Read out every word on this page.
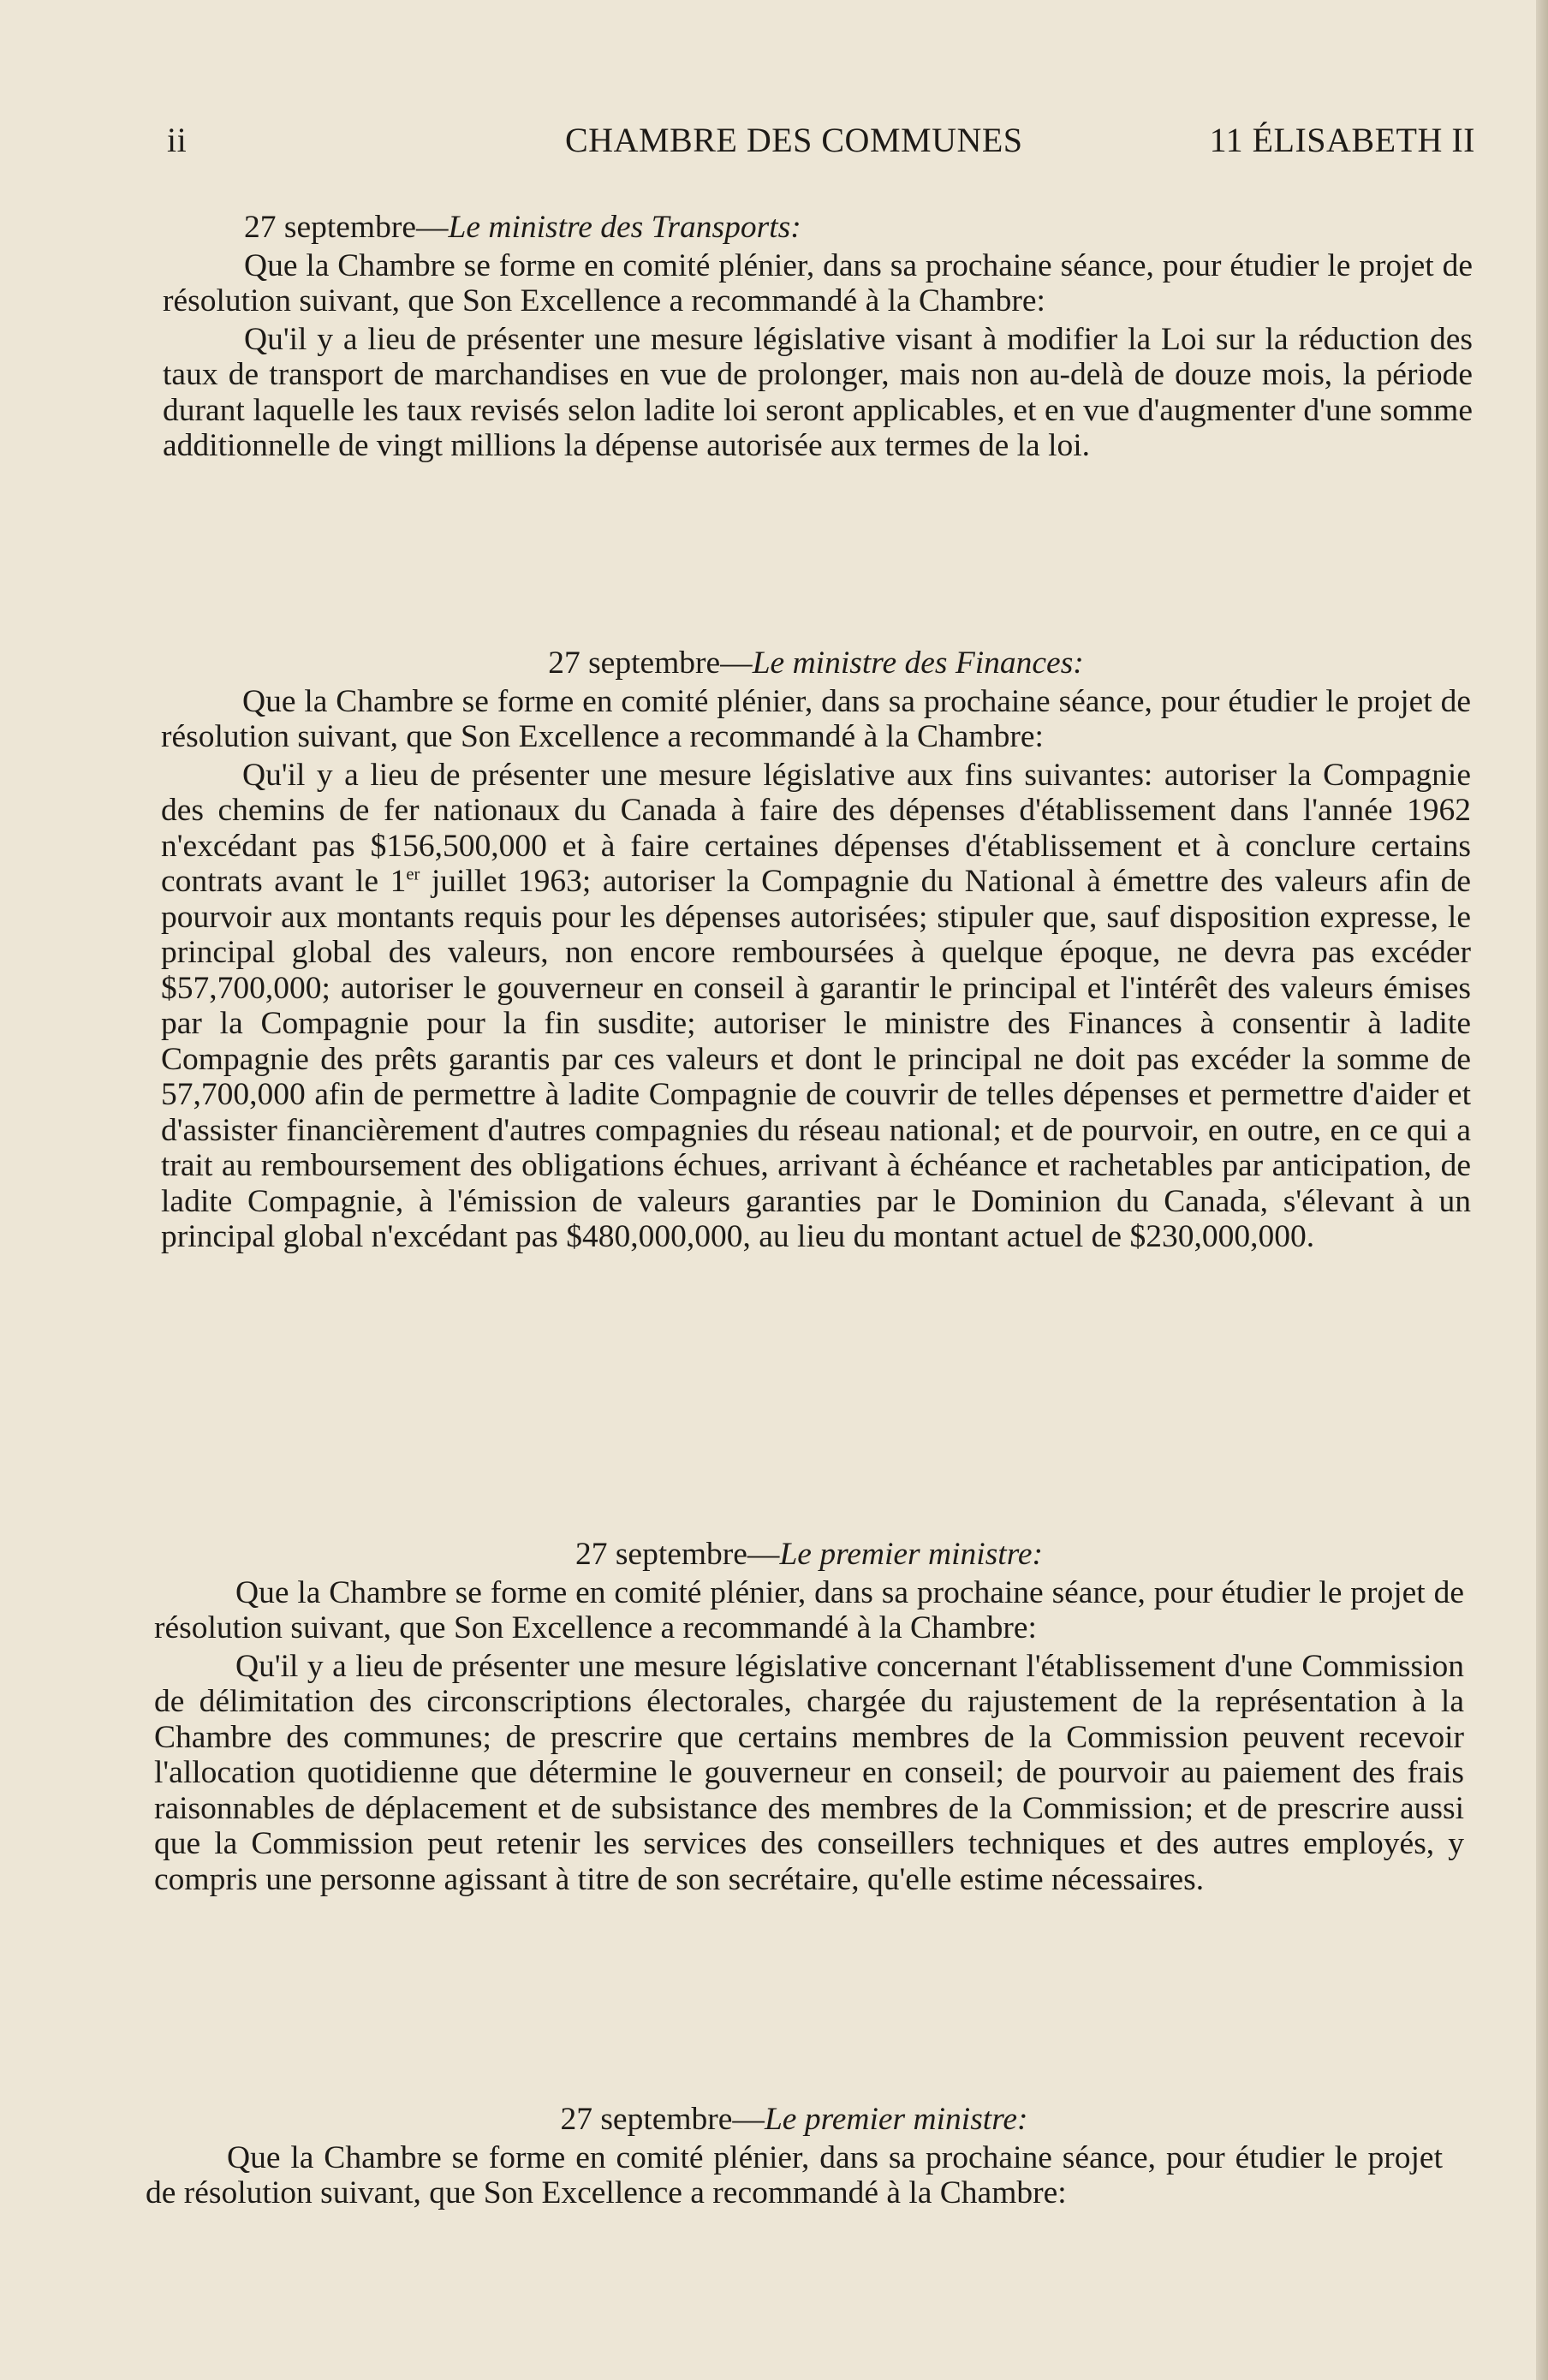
ii	CHAMBRE DES COMMUNES	11 ÉLISABETH II

27 septembre—Le ministre des Transports:

Que la Chambre se forme en comité plénier, dans sa prochaine séance, pour étudier le projet de résolution suivant, que Son Excellence a recommandé à la Chambre:

Qu'il y a lieu de présenter une mesure législative visant à modifier la Loi sur la réduction des taux de transport de marchandises en vue de prolonger, mais non au-delà de douze mois, la période durant laquelle les taux revisés selon ladite loi seront applicables, et en vue d'augmenter d'une somme additionnelle de vingt millions la dépense autorisée aux termes de la loi.

27 septembre—Le ministre des Finances:

Que la Chambre se forme en comité plénier, dans sa prochaine séance, pour étudier le projet de résolution suivant, que Son Excellence a recommandé à la Chambre:

Qu'il y a lieu de présenter une mesure législative aux fins suivantes: autoriser la Compagnie des chemins de fer nationaux du Canada à faire des dépenses d'établissement dans l'année 1962 n'excédant pas $156,500,000 et à faire certaines dépenses d'établissement et à conclure certains contrats avant le 1er juillet 1963; autoriser la Compagnie du National à émettre des valeurs afin de pourvoir aux montants requis pour les dépenses autorisées; stipuler que, sauf disposition expresse, le principal global des valeurs, non encore remboursées à quelque époque, ne devra pas excéder $57,700,000; autoriser le gouverneur en conseil à garantir le principal et l'intérêt des valeurs émises par la Compagnie pour la fin susdite; autoriser le ministre des Finances à consentir à ladite Compagnie des prêts garantis par ces valeurs et dont le principal ne doit pas excéder la somme de 57,700,000 afin de permettre à ladite Compagnie de couvrir de telles dépenses et permettre d'aider et d'assister financièrement d'autres compagnies du réseau national; et de pourvoir, en outre, en ce qui a trait au remboursement des obligations échues, arrivant à échéance et rachetables par anticipation, de ladite Compagnie, à l'émission de valeurs garanties par le Dominion du Canada, s'élevant à un principal global n'excédant pas $480,000,000, au lieu du montant actuel de $230,000,000.

27 septembre—Le premier ministre:

Que la Chambre se forme en comité plénier, dans sa prochaine séance, pour étudier le projet de résolution suivant, que Son Excellence a recommandé à la Chambre:

Qu'il y a lieu de présenter une mesure législative concernant l'établissement d'une Commission de délimitation des circonscriptions électorales, chargée du rajustement de la représentation à la Chambre des communes; de prescrire que certains membres de la Commission peuvent recevoir l'allocation quotidienne que détermine le gouverneur en conseil; de pourvoir au paiement des frais raisonnables de déplacement et de subsistance des membres de la Commission; et de prescrire aussi que la Commission peut retenir les services des conseillers techniques et des autres employés, y compris une personne agissant à titre de son secrétaire, qu'elle estime nécessaires.

27 septembre—Le premier ministre:

Que la Chambre se forme en comité plénier, dans sa prochaine séance, pour étudier le projet de résolution suivant, que Son Excellence a recommandé à la Chambre:
